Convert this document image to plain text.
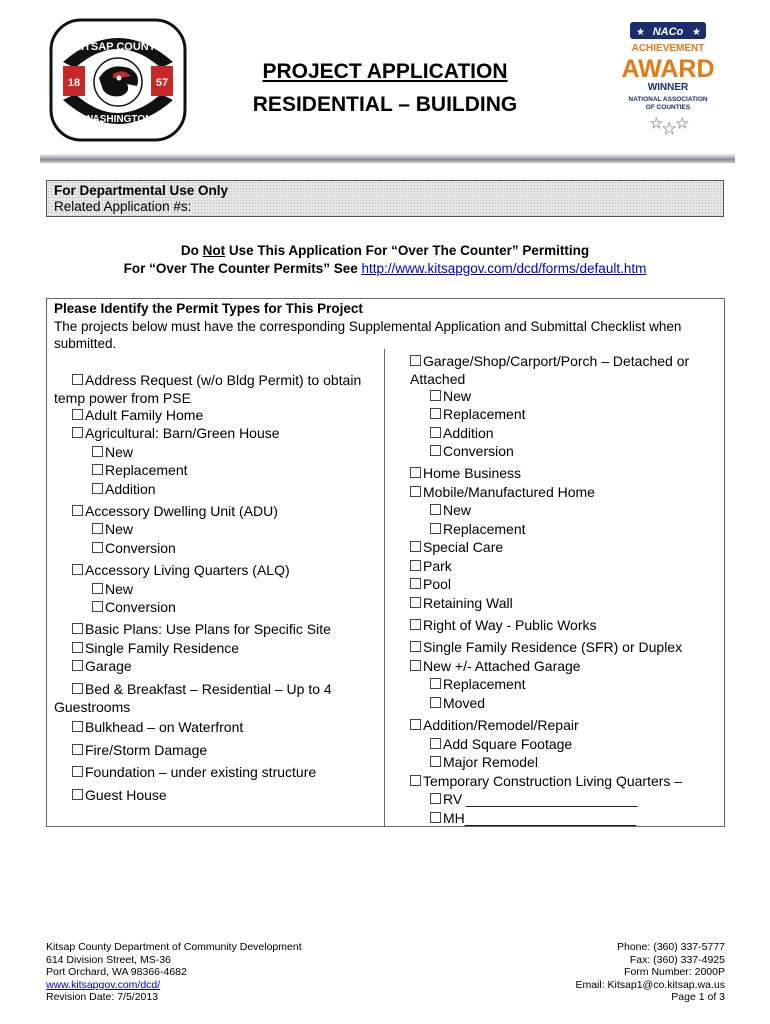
KITSAP COUNTY
WASHINGTON
18	57
NACo
★	★
ACHIEVEMENT
AWARD
WINNER
NATIONAL ASSOCIATION
OF COUNTIES
★ ★ ★
PROJECT APPLICATION
RESIDENTIAL – BUILDING
For Departmental Use Only
Related Application #s:
Do Not Use This Application For “Over The Counter” Permitting
For “Over The Counter Permits” See http://www.kitsapgov.com/dcd/forms/default.htm
Please Identify the Permit Types for This Project
The projects below must have the corresponding Supplemental Application and Submittal Checklist when submitted.
Address Request (w/o Bldg Permit) to obtain
temp power from PSE
Adult Family Home
Agricultural: Barn/Green House
New
Replacement
Addition
Accessory Dwelling Unit (ADU)
New
Conversion
Accessory Living Quarters (ALQ)
New
Conversion
Basic Plans: Use Plans for Specific Site
Single Family Residence
Garage
Bed & Breakfast – Residential – Up to 4
Guestrooms
Bulkhead – on Waterfront
Fire/Storm Damage
Foundation – under existing structure
Guest House
Garage/Shop/Carport/Porch – Detached or
Attached
New
Replacement
Addition
Conversion
Home Business
Mobile/Manufactured Home
New
Replacement
Special Care
Park
Pool
Retaining Wall
Right of Way - Public Works
Single Family Residence (SFR) or Duplex
New +/- Attached Garage
Replacement
Moved
Addition/Remodel/Repair
Add Square Footage
Major Remodel
Temporary Construction Living Quarters –
RV ______________________
MH______________________
Kitsap County Department of Community Development
614 Division Street, MS-36
Port Orchard, WA 98366-4682
www.kitsapgov.com/dcd/
Revision Date: 7/5/2013
Phone: (360) 337-5777
Fax: (360) 337-4925
Form Number: 2000P
Email: Kitsap1@co.kitsap.wa.us
Page 1 of 3
